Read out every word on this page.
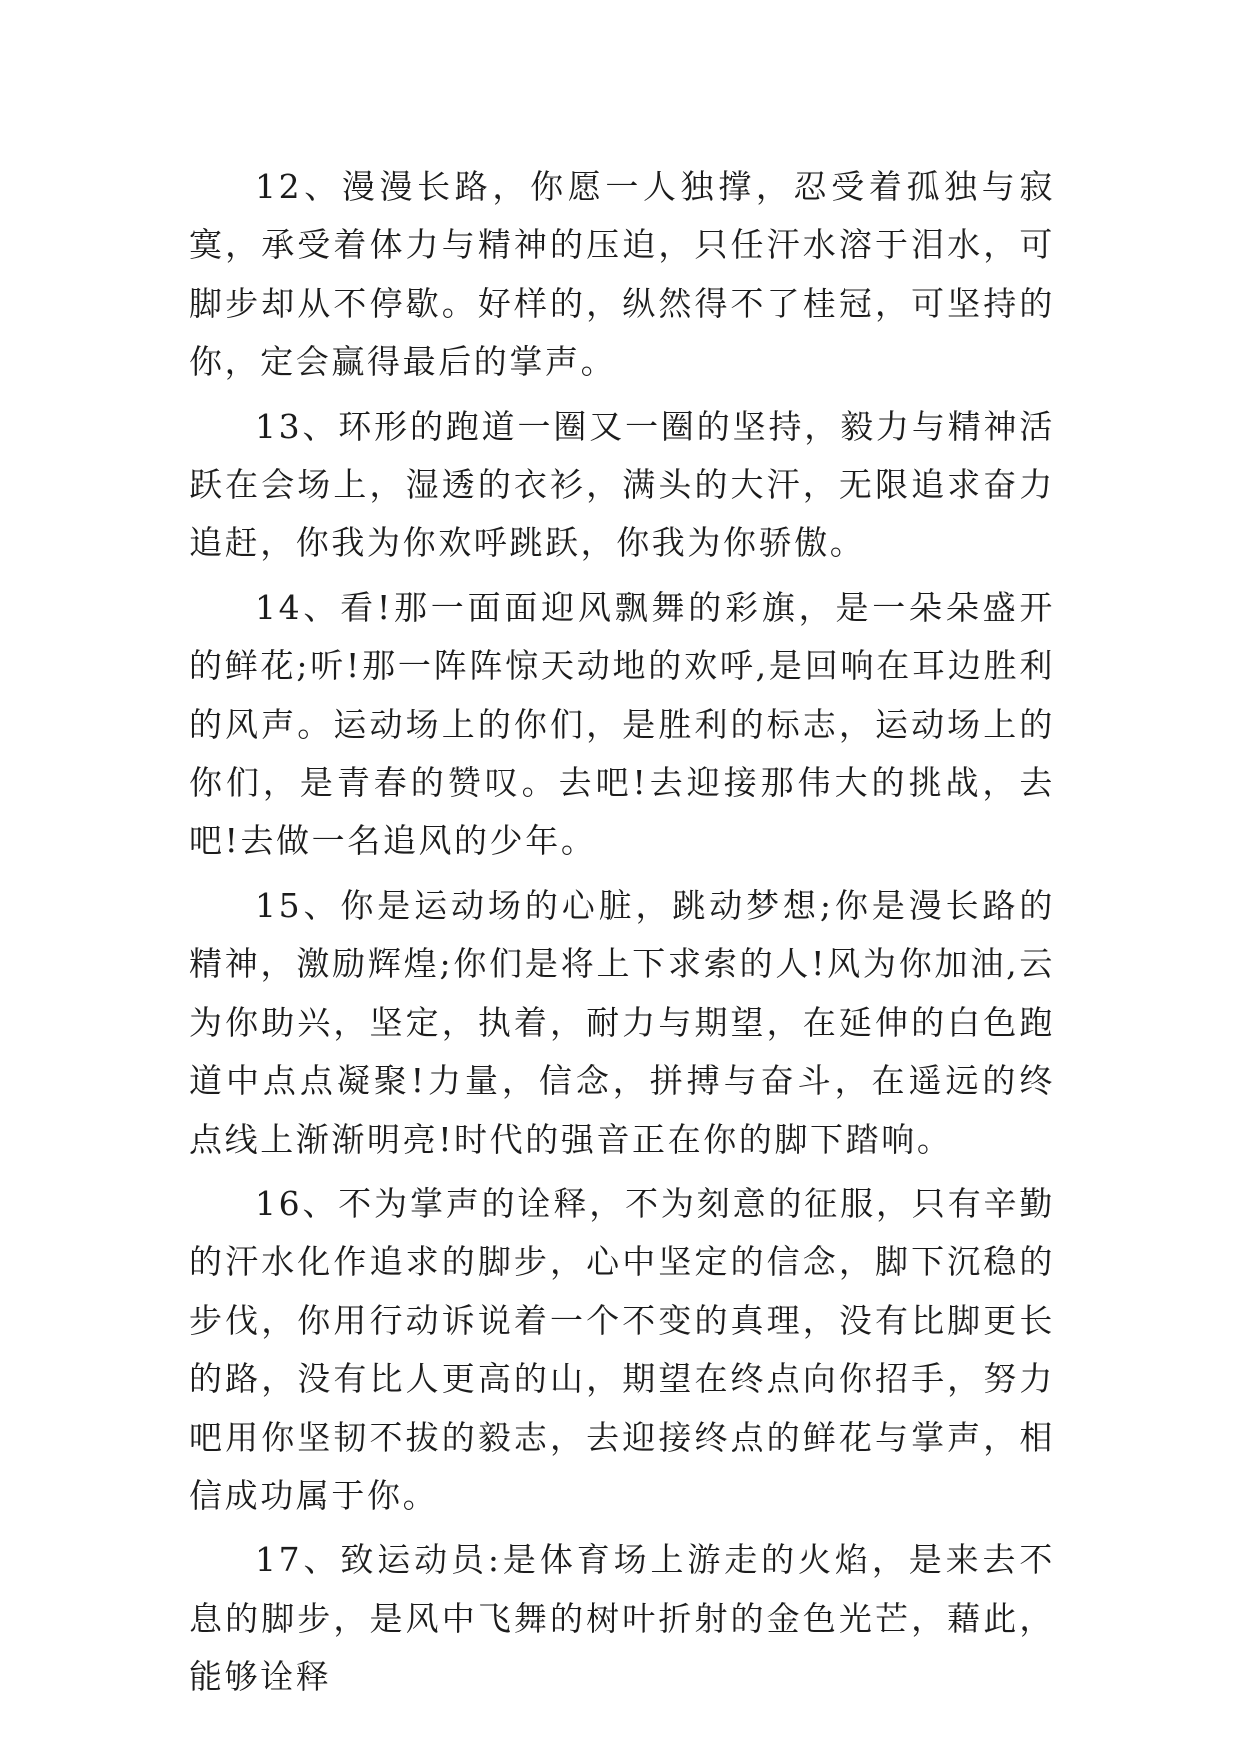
12、漫漫长路，你愿一人独撑，忍受着孤独与寂寞，承受着体力与精神的压迫，只任汗水溶于泪水，可脚步却从不停歇。好样的，纵然得不了桂冠，可坚持的你，定会赢得最后的掌声。

13、环形的跑道一圈又一圈的坚持，毅力与精神活跃在会场上，湿透的衣衫，满头的大汗，无限追求奋力追赶，你我为你欢呼跳跃，你我为你骄傲。

14、看!那一面面迎风飘舞的彩旗，是一朵朵盛开的鲜花;听!那一阵阵惊天动地的欢呼,是回响在耳边胜利的风声。运动场上的你们，是胜利的标志，运动场上的你们，是青春的赞叹。去吧!去迎接那伟大的挑战，去吧!去做一名追风的少年。

15、你是运动场的心脏，跳动梦想;你是漫长路的精神，激励辉煌;你们是将上下求索的人!风为你加油,云为你助兴，坚定，执着，耐力与期望，在延伸的白色跑道中点点凝聚!力量，信念，拼搏与奋斗，在遥远的终点线上渐渐明亮!时代的强音正在你的脚下踏响。

16、不为掌声的诠释，不为刻意的征服，只有辛勤的汗水化作追求的脚步，心中坚定的信念，脚下沉稳的步伐，你用行动诉说着一个不变的真理，没有比脚更长的路，没有比人更高的山，期望在终点向你招手，努力吧用你坚韧不拔的毅志，去迎接终点的鲜花与掌声，相信成功属于你。

17、致运动员:是体育场上游走的火焰，是来去不息的脚步，是风中飞舞的树叶折射的金色光芒，藉此，能够诠释
